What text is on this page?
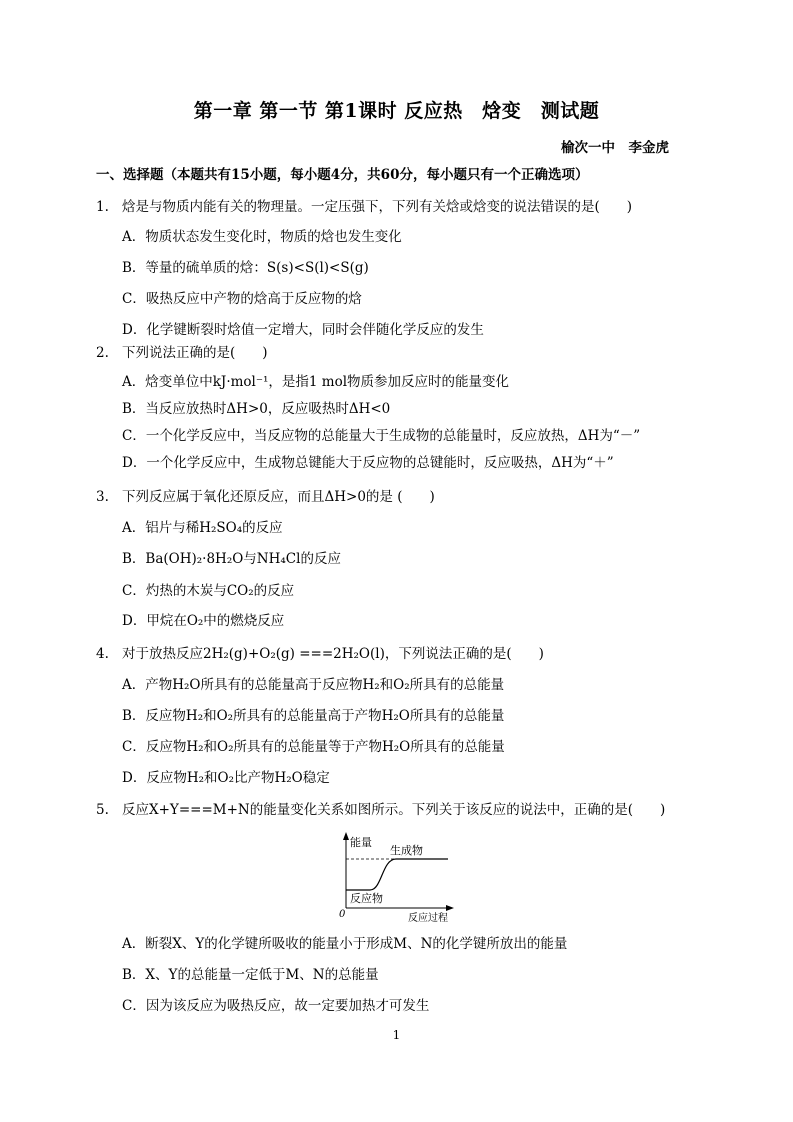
第一章 第一节 第1课时 反应热　焓变　测试题
榆次一中　李金虎
一、选择题（本题共有15小题，每小题4分，共60分，每小题只有一个正确选项）
1. 焓是与物质内能有关的物理量。一定压强下，下列有关焓或焓变的说法错误的是(　　)
A．物质状态发生变化时，物质的焓也发生变化
B．等量的硫单质的焓：S(s)<S(l)<S(g)
C．吸热反应中产物的焓高于反应物的焓
D．化学键断裂时焓值一定增大，同时会伴随化学反应的发生
2. 下列说法正确的是(　　)
A．焓变单位中kJ·mol⁻¹，是指1 mol物质参加反应时的能量变化
B．当反应放热时ΔH>0，反应吸热时ΔH<0
C．一个化学反应中，当反应物的总能量大于生成物的总能量时，反应放热，ΔH为“－”
D．一个化学反应中，生成物总键能大于反应物的总键能时，反应吸热，ΔH为“＋”
3. 下列反应属于氧化还原反应，而且ΔH>0的是 (　　)
A．铝片与稀H₂SO₄的反应
B．Ba(OH)₂·8H₂O与NH₄Cl的反应
C．灼热的木炭与CO₂的反应
D．甲烷在O₂中的燃烧反应
4. 对于放热反应2H₂(g)+O₂(g) ===2H₂O(l)，下列说法正确的是(　　)
A．产物H₂O所具有的总能量高于反应物H₂和O₂所具有的总能量
B．反应物H₂和O₂所具有的总能量高于产物H₂O所具有的总能量
C．反应物H₂和O₂所具有的总能量等于产物H₂O所具有的总能量
D．反应物H₂和O₂比产物H₂O稳定
5. 反应X+Y===M+N的能量变化关系如图所示。下列关于该反应的说法中，正确的是(　　)
能量
生成物
反应物
反应过程
0
A．断裂X、Y的化学键所吸收的能量小于形成M、N的化学键所放出的能量
B．X、Y的总能量一定低于M、N的总能量
C．因为该反应为吸热反应，故一定要加热才可发生
1
